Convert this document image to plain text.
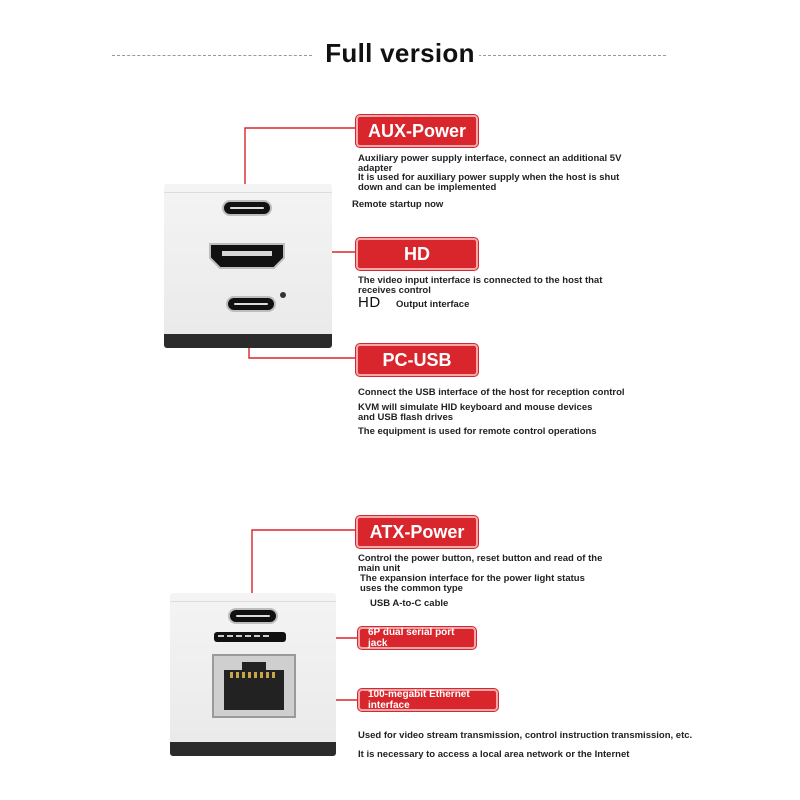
Full version
AUX-Power
Auxiliary power supply interface, connect an additional 5V
adapter
It is used for auxiliary power supply when the host is shut
down and can be implemented
Remote startup now
HD
The video input interface is connected to the host that
receives control
HD Output interface
PC-USB
Connect the USB interface of the host for reception control
KVM will simulate HID keyboard and mouse devices
and USB flash drives
The equipment is used for remote control operations
ATX-Power
Control the power button, reset button and read of the
main unit
The expansion interface for the power light status
uses the common type
USB A-to-C cable
6P dual serial port jack
100-megabit Ethernet interface
Used for video stream transmission, control instruction transmission, etc.
It is necessary to access a local area network or the Internet
